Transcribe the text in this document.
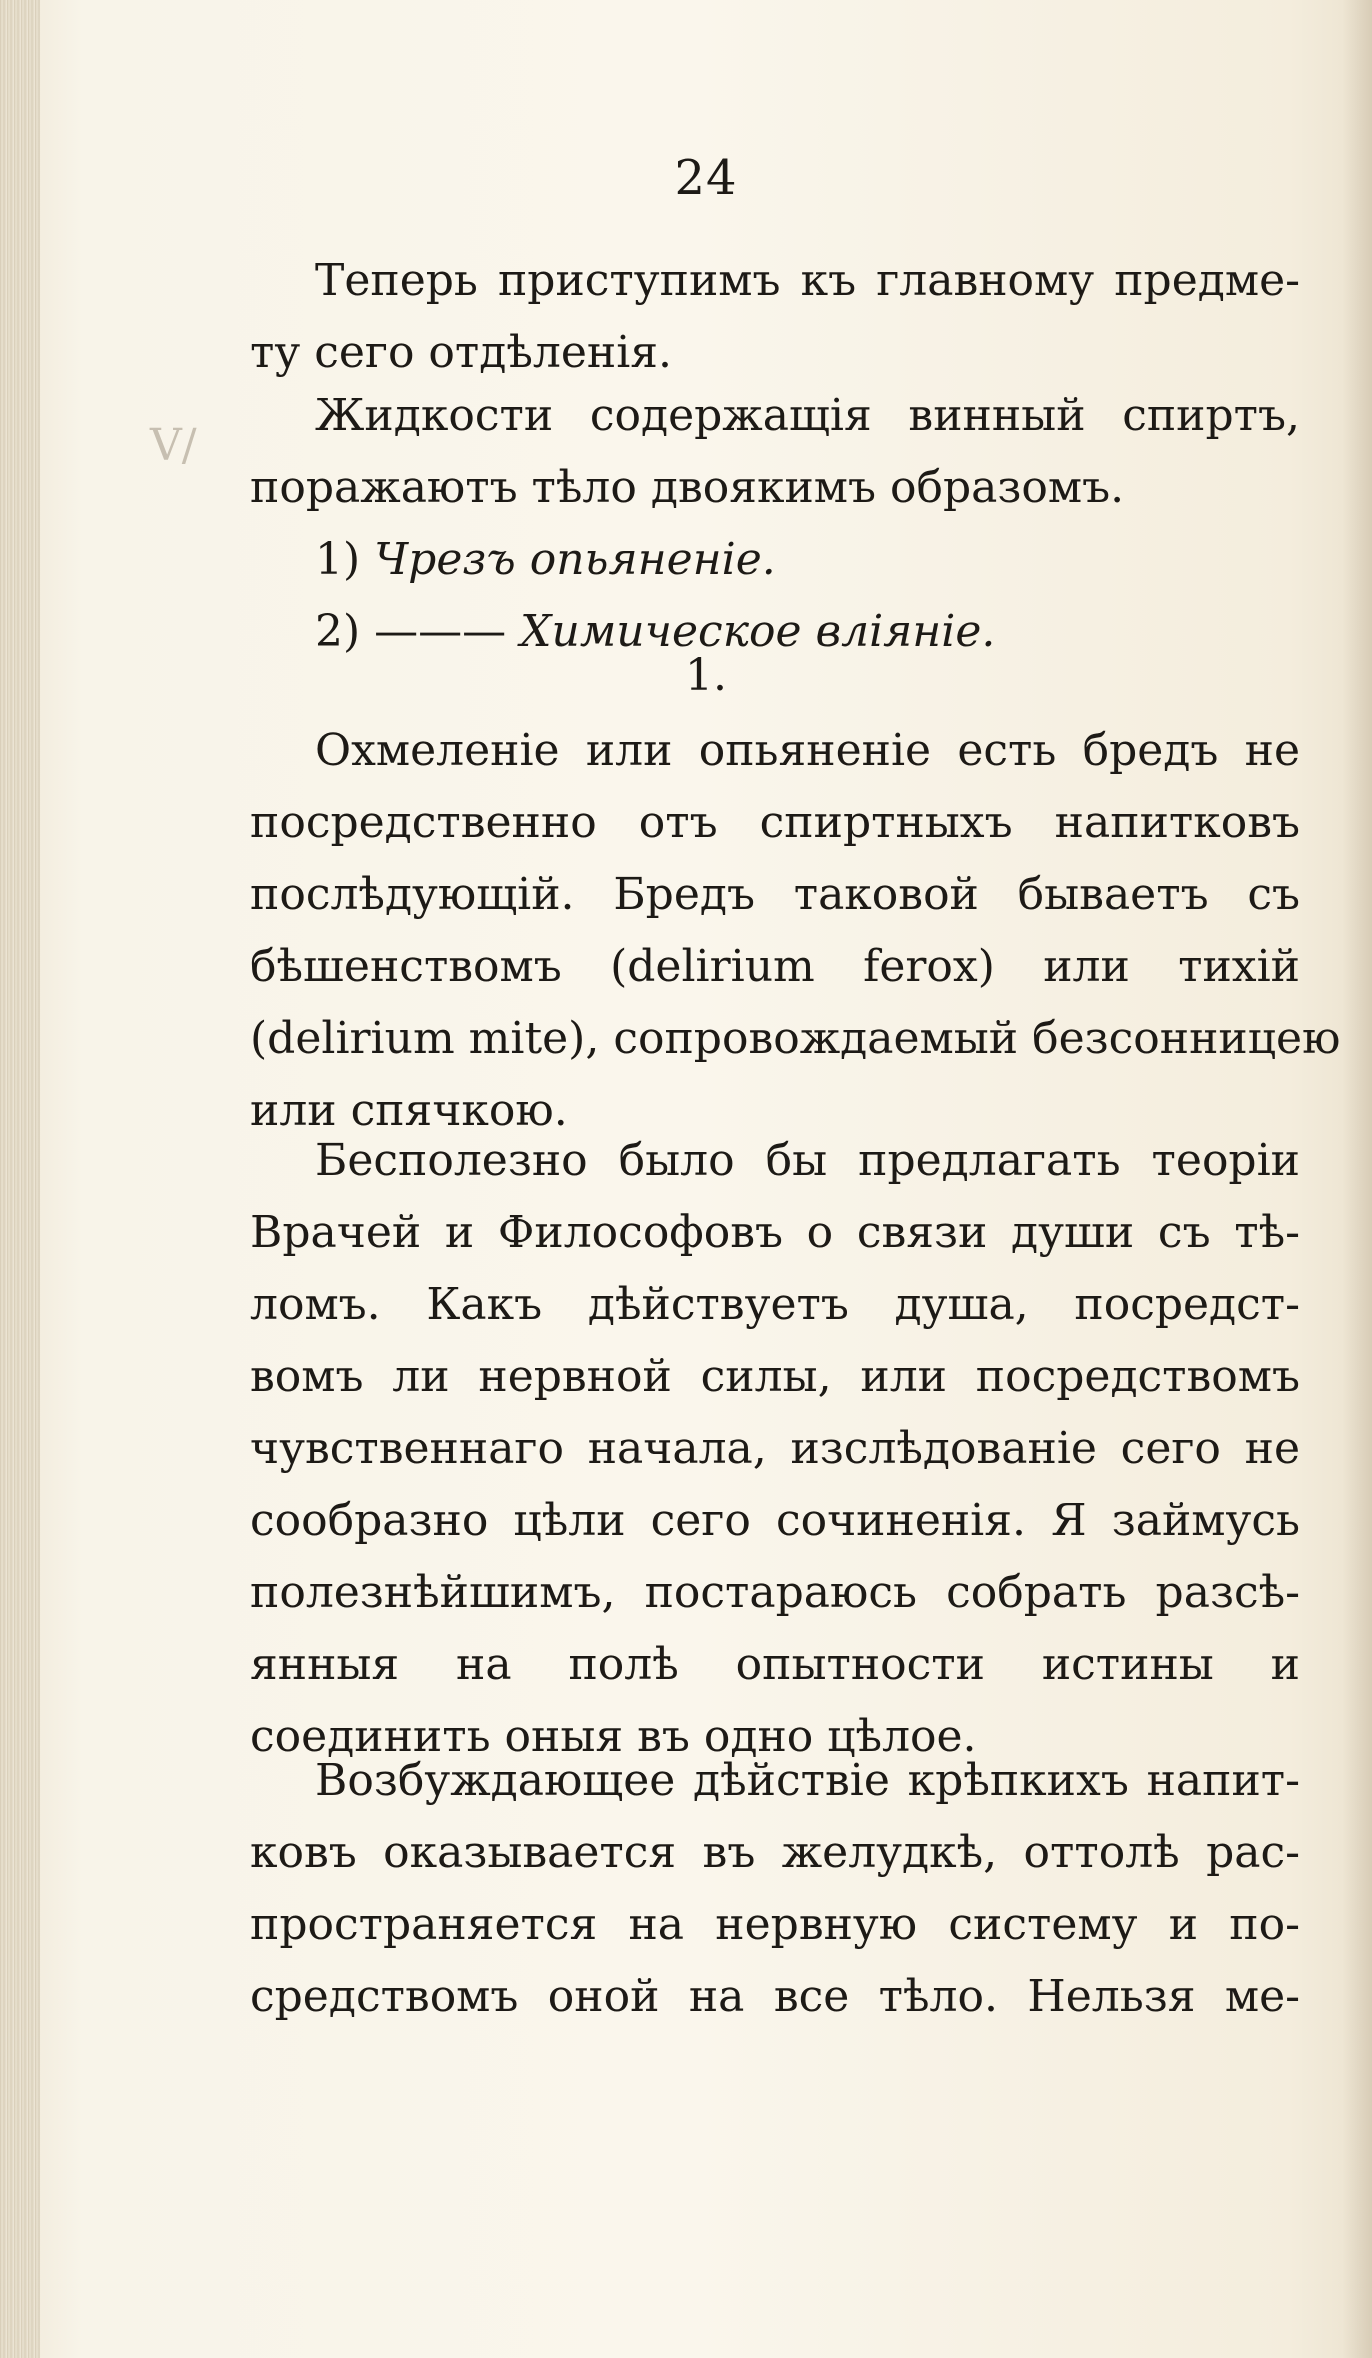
V/
24
Теперь приступимъ къ главному предме-
ту сего отдѣленія.
Жидкости содержащія винный спиртъ,
поражаютъ тѣло двоякимъ образомъ.
1) Чрезъ опьяненіе.
2) ——— Химическое вліяніе.
1.
Охмеленіе или опьяненіе есть бредъ не
посредственно отъ спиртныхъ напитковъ
послѣдующій. Бредъ таковой бываетъ съ
бѣшенствомъ (delirium ferox) или тихій
(delirium mite), сопровождаемый безсонницею
или спячкою.
Бесполезно было бы предлагать теоріи
Врачей и Философовъ о связи души съ тѣ-
ломъ. Какъ дѣйствуетъ душа, посредст-
вомъ ли нервной силы, или посредствомъ
чувственнаго начала, изслѣдованіе сего не
сообразно цѣли сего сочиненія. Я займусь
полезнѣйшимъ, постараюсь собрать разсѣ-
янныя на полѣ опытности истины и
соединить оныя въ одно цѣлое.
Возбуждающее дѣйствіе крѣпкихъ напит-
ковъ оказывается въ желудкѣ, оттолѣ рас-
пространяется на нервную систему и по-
средствомъ оной на все тѣло. Нельзя ме-
